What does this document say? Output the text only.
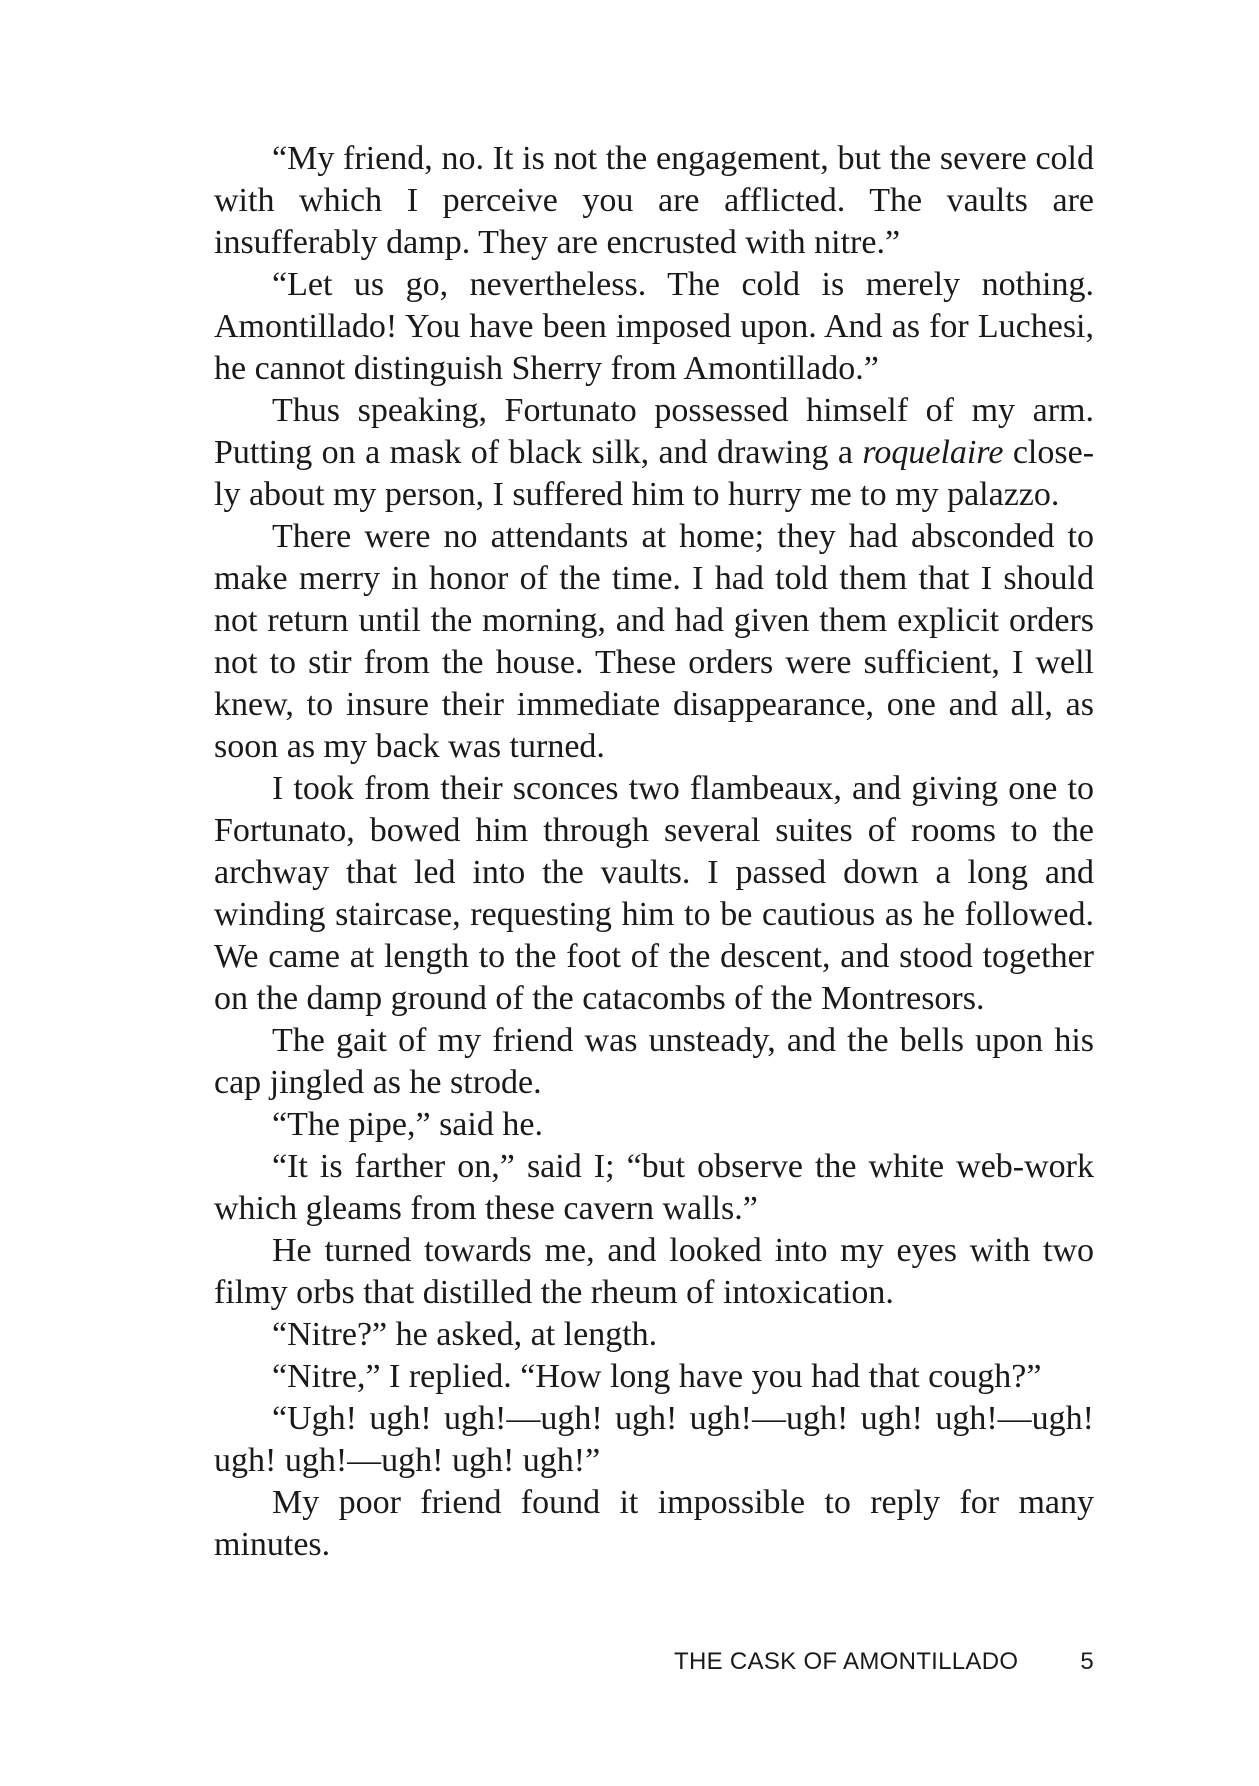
“My friend, no. It is not the engagement, but the severe cold with which I perceive you are afflicted. The vaults are insufferably damp. They are encrusted with nitre.”

“Let us go, nevertheless. The cold is merely nothing. Amontillado! You have been imposed upon. And as for Luchesi, he cannot distinguish Sherry from Amontillado.”

Thus speaking, Fortunato possessed himself of my arm. Putting on a mask of black silk, and drawing a roquelaire closely about my person, I suffered him to hurry me to my palazzo.

There were no attendants at home; they had absconded to make merry in honor of the time. I had told them that I should not return until the morning, and had given them explicit orders not to stir from the house. These orders were sufficient, I well knew, to insure their immediate disappearance, one and all, as soon as my back was turned.

I took from their sconces two flambeaux, and giving one to Fortunato, bowed him through several suites of rooms to the archway that led into the vaults. I passed down a long and winding staircase, requesting him to be cautious as he followed. We came at length to the foot of the descent, and stood together on the damp ground of the catacombs of the Montresors.

The gait of my friend was unsteady, and the bells upon his cap jingled as he strode.

“The pipe,” said he.

“It is farther on,” said I; “but observe the white web-work which gleams from these cavern walls.”

He turned towards me, and looked into my eyes with two filmy orbs that distilled the rheum of intoxication.

“Nitre?” he asked, at length.

“Nitre,” I replied. “How long have you had that cough?”

“Ugh! ugh! ugh!—ugh! ugh! ugh!—ugh! ugh! ugh!—ugh! ugh! ugh!—ugh! ugh! ugh!”

My poor friend found it impossible to reply for many minutes.

THE CASK OF AMONTILLADO	5
